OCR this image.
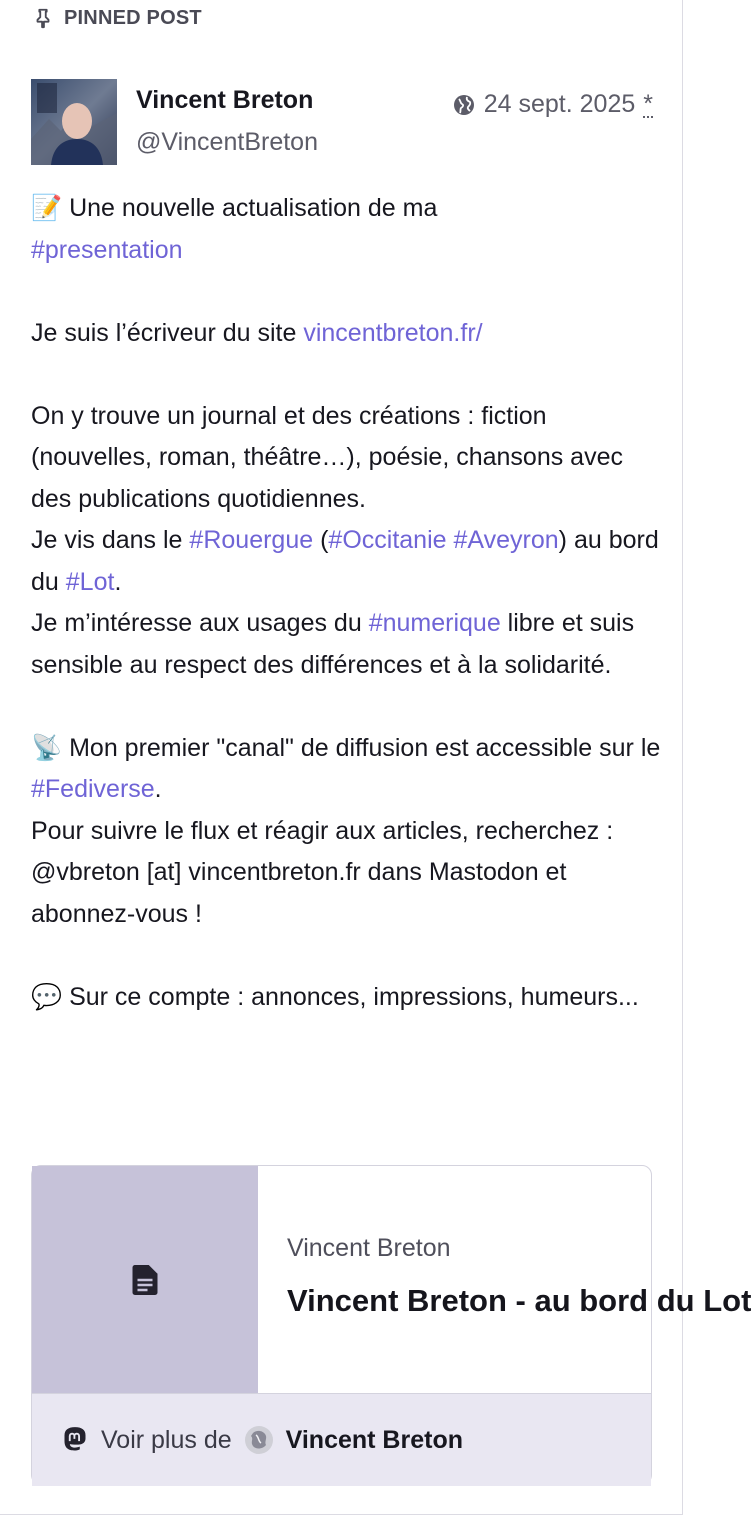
PINNED POST
Vincent Breton
@VincentBreton
24 sept. 2025 *

📝 Une nouvelle actualisation de ma
#presentation

Je suis l’écriveur du site vincentbreton.fr/

On y trouve un journal et des créations : fiction (nouvelles, roman, théâtre…), poésie, chansons avec des publications quotidiennes.
Je vis dans le #Rouergue (#Occitanie #Aveyron) au bord du #Lot.
Je m’intéresse aux usages du #numerique libre et suis sensible au respect des différences et à la solidarité.

📡 Mon premier "canal" de diffusion est accessible sur le #Fediverse.
Pour suivre le flux et réagir aux articles, recherchez :
@vbreton [at] vincentbreton.fr dans Mastodon et abonnez-vous !

💬 Sur ce compte : annonces, impressions, humeurs...

Vincent Breton
Vincent Breton - au bord du Lot
Voir plus de Vincent Breton
